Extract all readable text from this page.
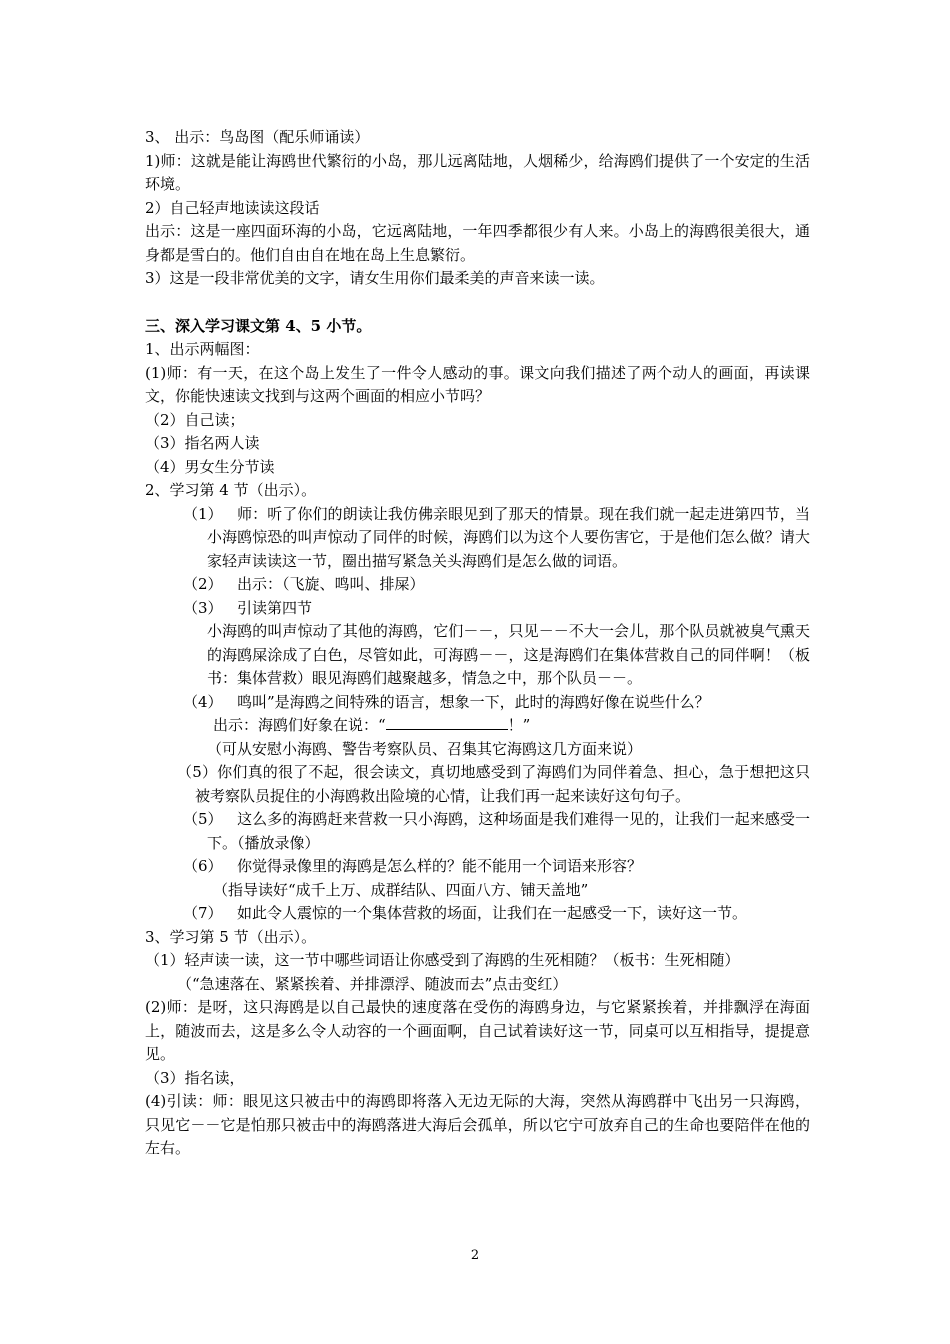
3、 出示：鸟岛图（配乐师诵读）

1)师：这就是能让海鸥世代繁衍的小岛，那儿远离陆地，人烟稀少，给海鸥们提供了一个安定的生活环境。

2）自己轻声地读读这段话

出示：这是一座四面环海的小岛，它远离陆地，一年四季都很少有人来。小岛上的海鸥很美很大，通身都是雪白的。他们自由自在地在岛上生息繁衍。

3）这是一段非常优美的文字，请女生用你们最柔美的声音来读一读。

三、深入学习课文第 4、5 小节。

1、出示两幅图：

(1)师：有一天，在这个岛上发生了一件令人感动的事。课文向我们描述了两个动人的画面，再读课文，你能快速读文找到与这两个画面的相应小节吗？

（2）自己读；

（3）指名两人读

（4）男女生分节读

2、学习第 4 节（出示）。

（1） 师：听了你们的朗读让我仿佛亲眼见到了那天的情景。现在我们就一起走进第四节，当小海鸥惊恐的叫声惊动了同伴的时候，海鸥们以为这个人要伤害它，于是他们怎么做？请大家轻声读读这一节，圈出描写紧急关头海鸥们是怎么做的词语。

（2） 出示：（飞旋、鸣叫、排屎）

（3） 引读第四节

小海鸥的叫声惊动了其他的海鸥，它们－－，只见－－不大一会儿，那个队员就被臭气熏天的海鸥屎涂成了白色，尽管如此，可海鸥－－，这是海鸥们在集体营救自己的同伴啊！（板书：集体营救）眼见海鸥们越聚越多，情急之中，那个队员－－。

（4） 鸣叫”是海鸥之间特殊的语言，想象一下，此时的海鸥好像在说些什么？

出示：海鸥们好象在说：“	！”

（可从安慰小海鸥、警告考察队员、召集其它海鸥这几方面来说）

（5）你们真的很了不起，很会读文，真切地感受到了海鸥们为同伴着急、担心，急于想把这只被考察队员捉住的小海鸥救出险境的心情，让我们再一起来读好这句句子。

（5） 这么多的海鸥赶来营救一只小海鸥，这种场面是我们难得一见的，让我们一起来感受一下。（播放录像）

（6） 你觉得录像里的海鸥是怎么样的？能不能用一个词语来形容？

（指导读好“成千上万、成群结队、四面八方、铺天盖地”

（7） 如此令人震惊的一个集体营救的场面，让我们在一起感受一下，读好这一节。

3、学习第 5 节（出示）。

（1）轻声读一读，这一节中哪些词语让你感受到了海鸥的生死相随？（板书：生死相随）

（“急速落在、紧紧挨着、并排漂浮、随波而去”点击变红）

(2)师：是呀，这只海鸥是以自己最快的速度落在受伤的海鸥身边，与它紧紧挨着，并排飘浮在海面上，随波而去，这是多么令人动容的一个画面啊，自己试着读好这一节，同桌可以互相指导，提提意见。

（3）指名读，

(4)引读：师：眼见这只被击中的海鸥即将落入无边无际的大海，突然从海鸥群中飞出另一只海鸥，只见它－－它是怕那只被击中的海鸥落进大海后会孤单，所以它宁可放弃自己的生命也要陪伴在他的左右。

2
